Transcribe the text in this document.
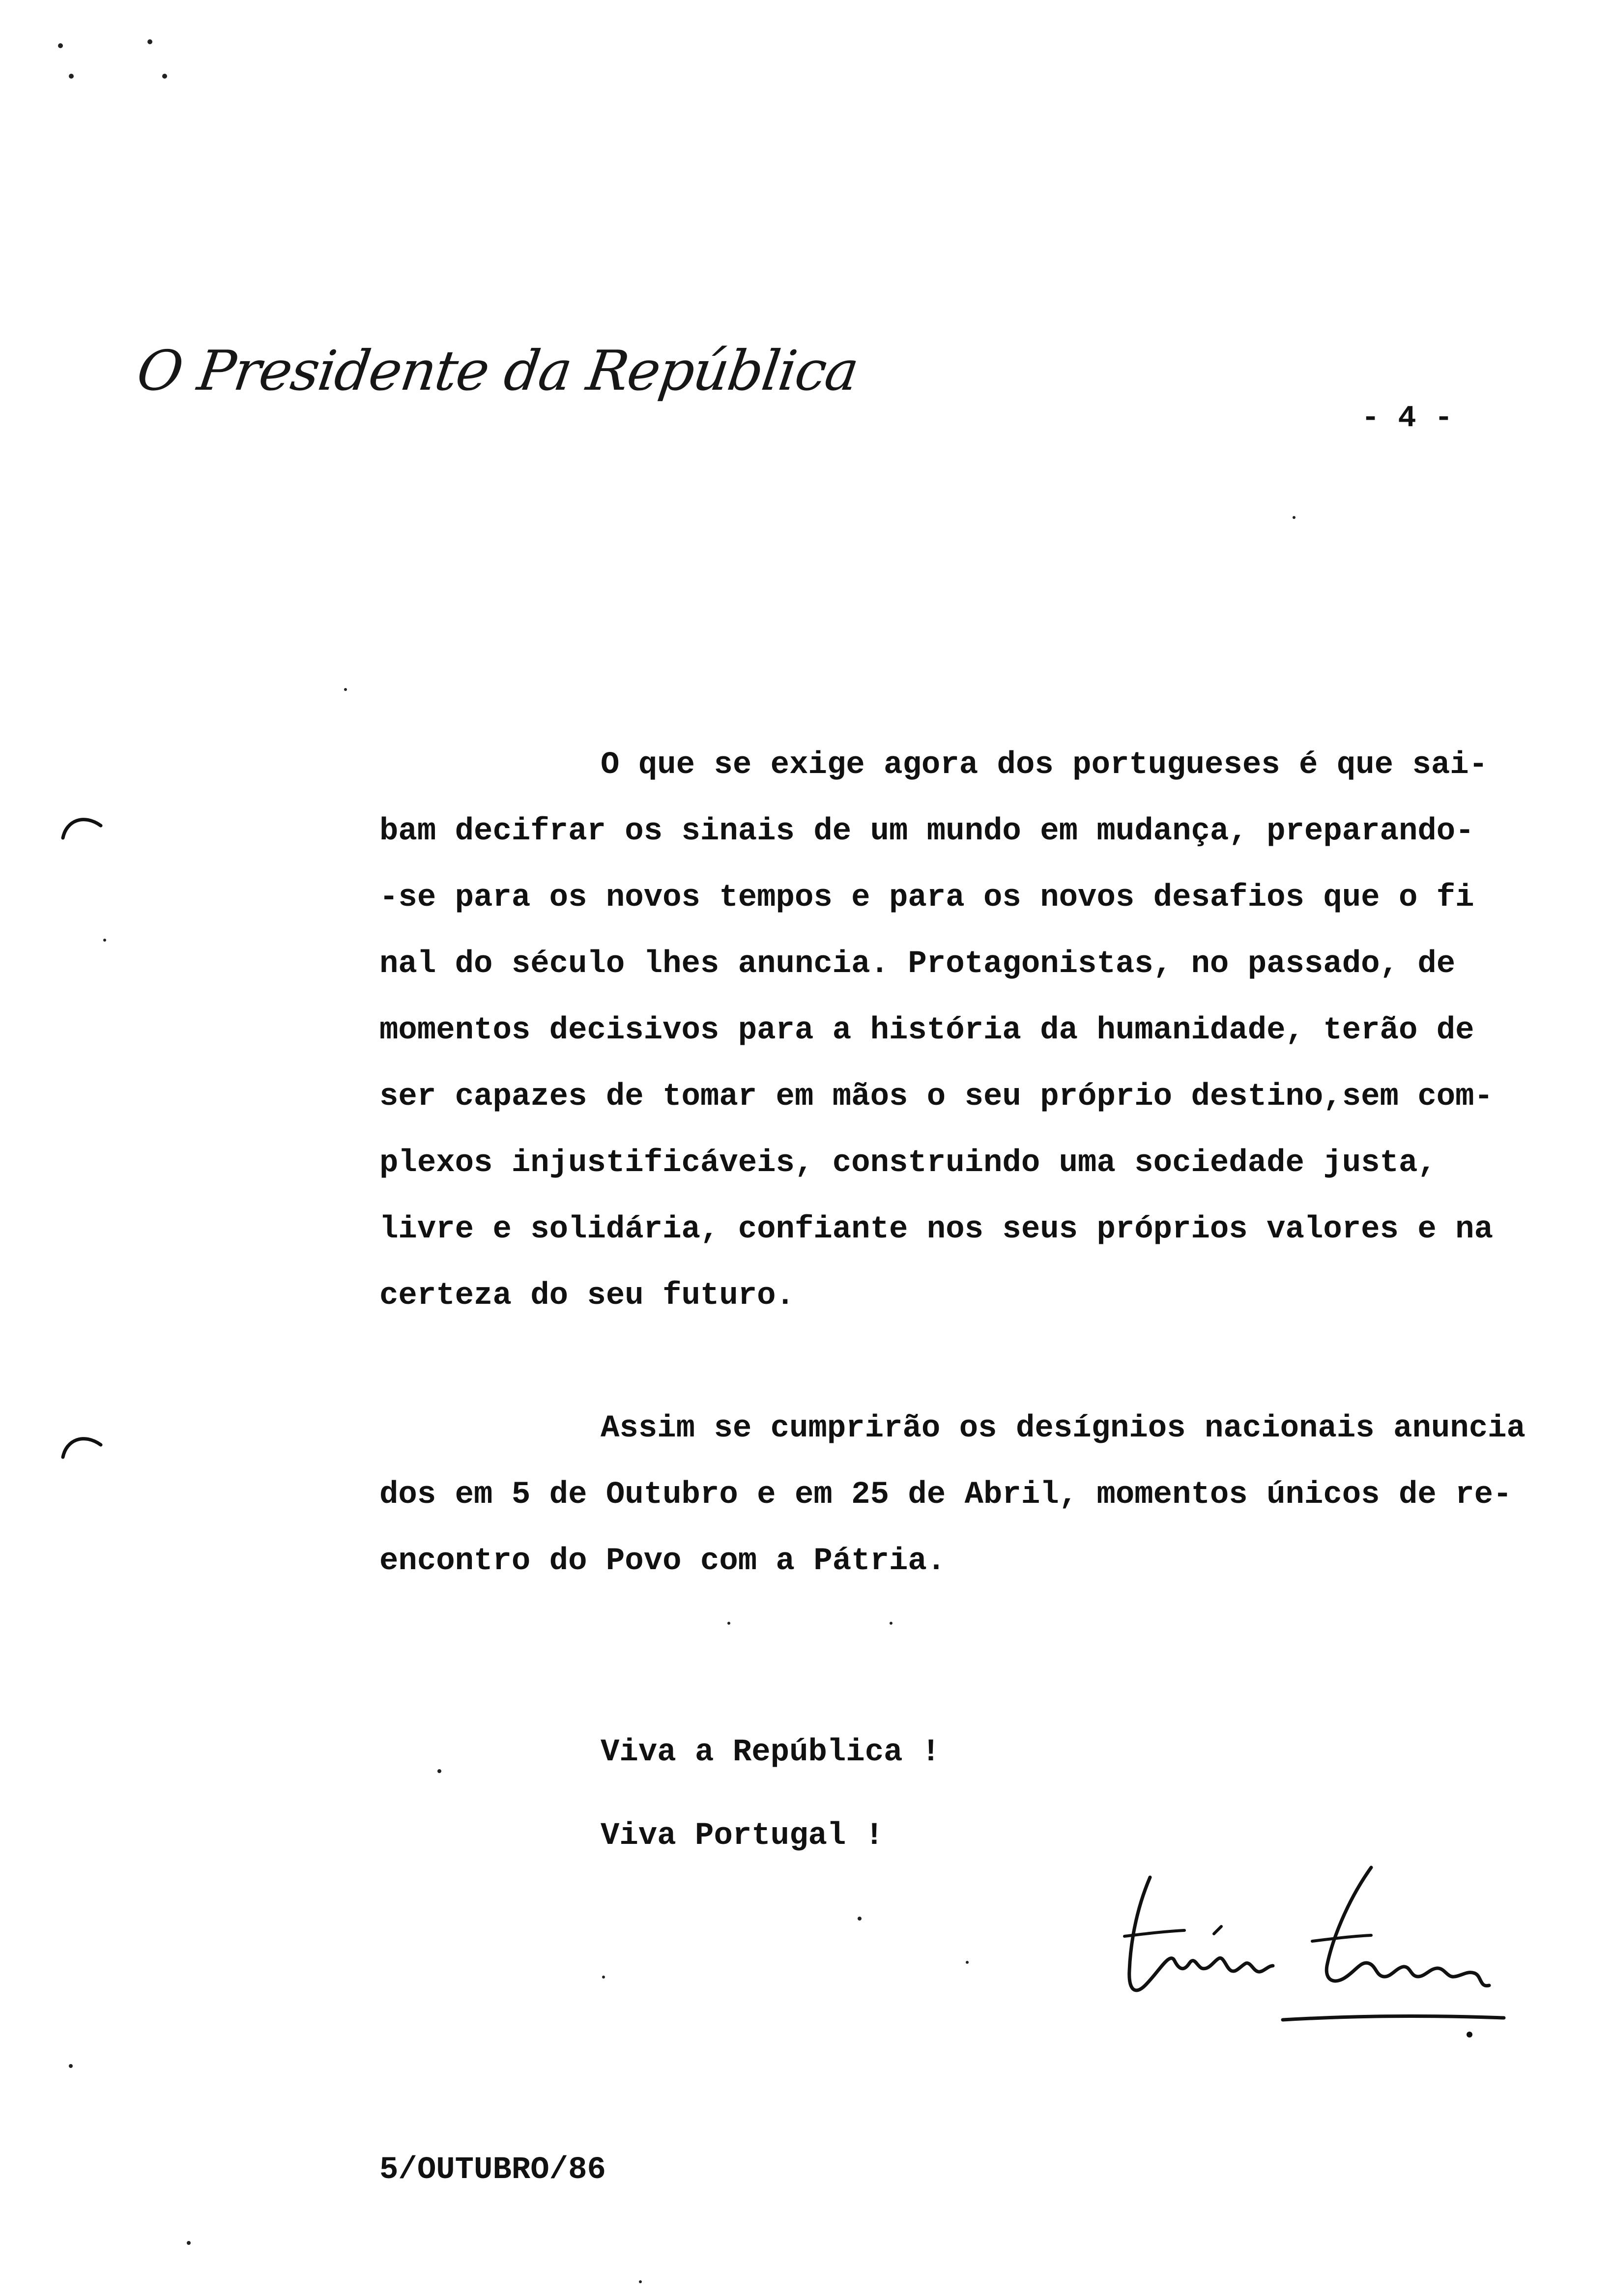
O Presidente da República
- 4 -
O que se exige agora dos portugueses é que sai-
bam decifrar os sinais de um mundo em mudança, preparando-
-se para os novos tempos e para os novos desafios que o fi
nal do século lhes anuncia. Protagonistas, no passado, de
momentos decisivos para a história da humanidade, terão de
ser capazes de tomar em mãos o seu próprio destino,sem com-
plexos injustificáveis, construindo uma sociedade justa,
livre e solidária, confiante nos seus próprios valores e na
certeza do seu futuro.
Assim se cumprirão os desígnios nacionais anuncia
dos em 5 de Outubro e em 25 de Abril, momentos únicos de re-
encontro do Povo com a Pátria.
Viva a República !
Viva Portugal !
5/OUTUBRO/86
